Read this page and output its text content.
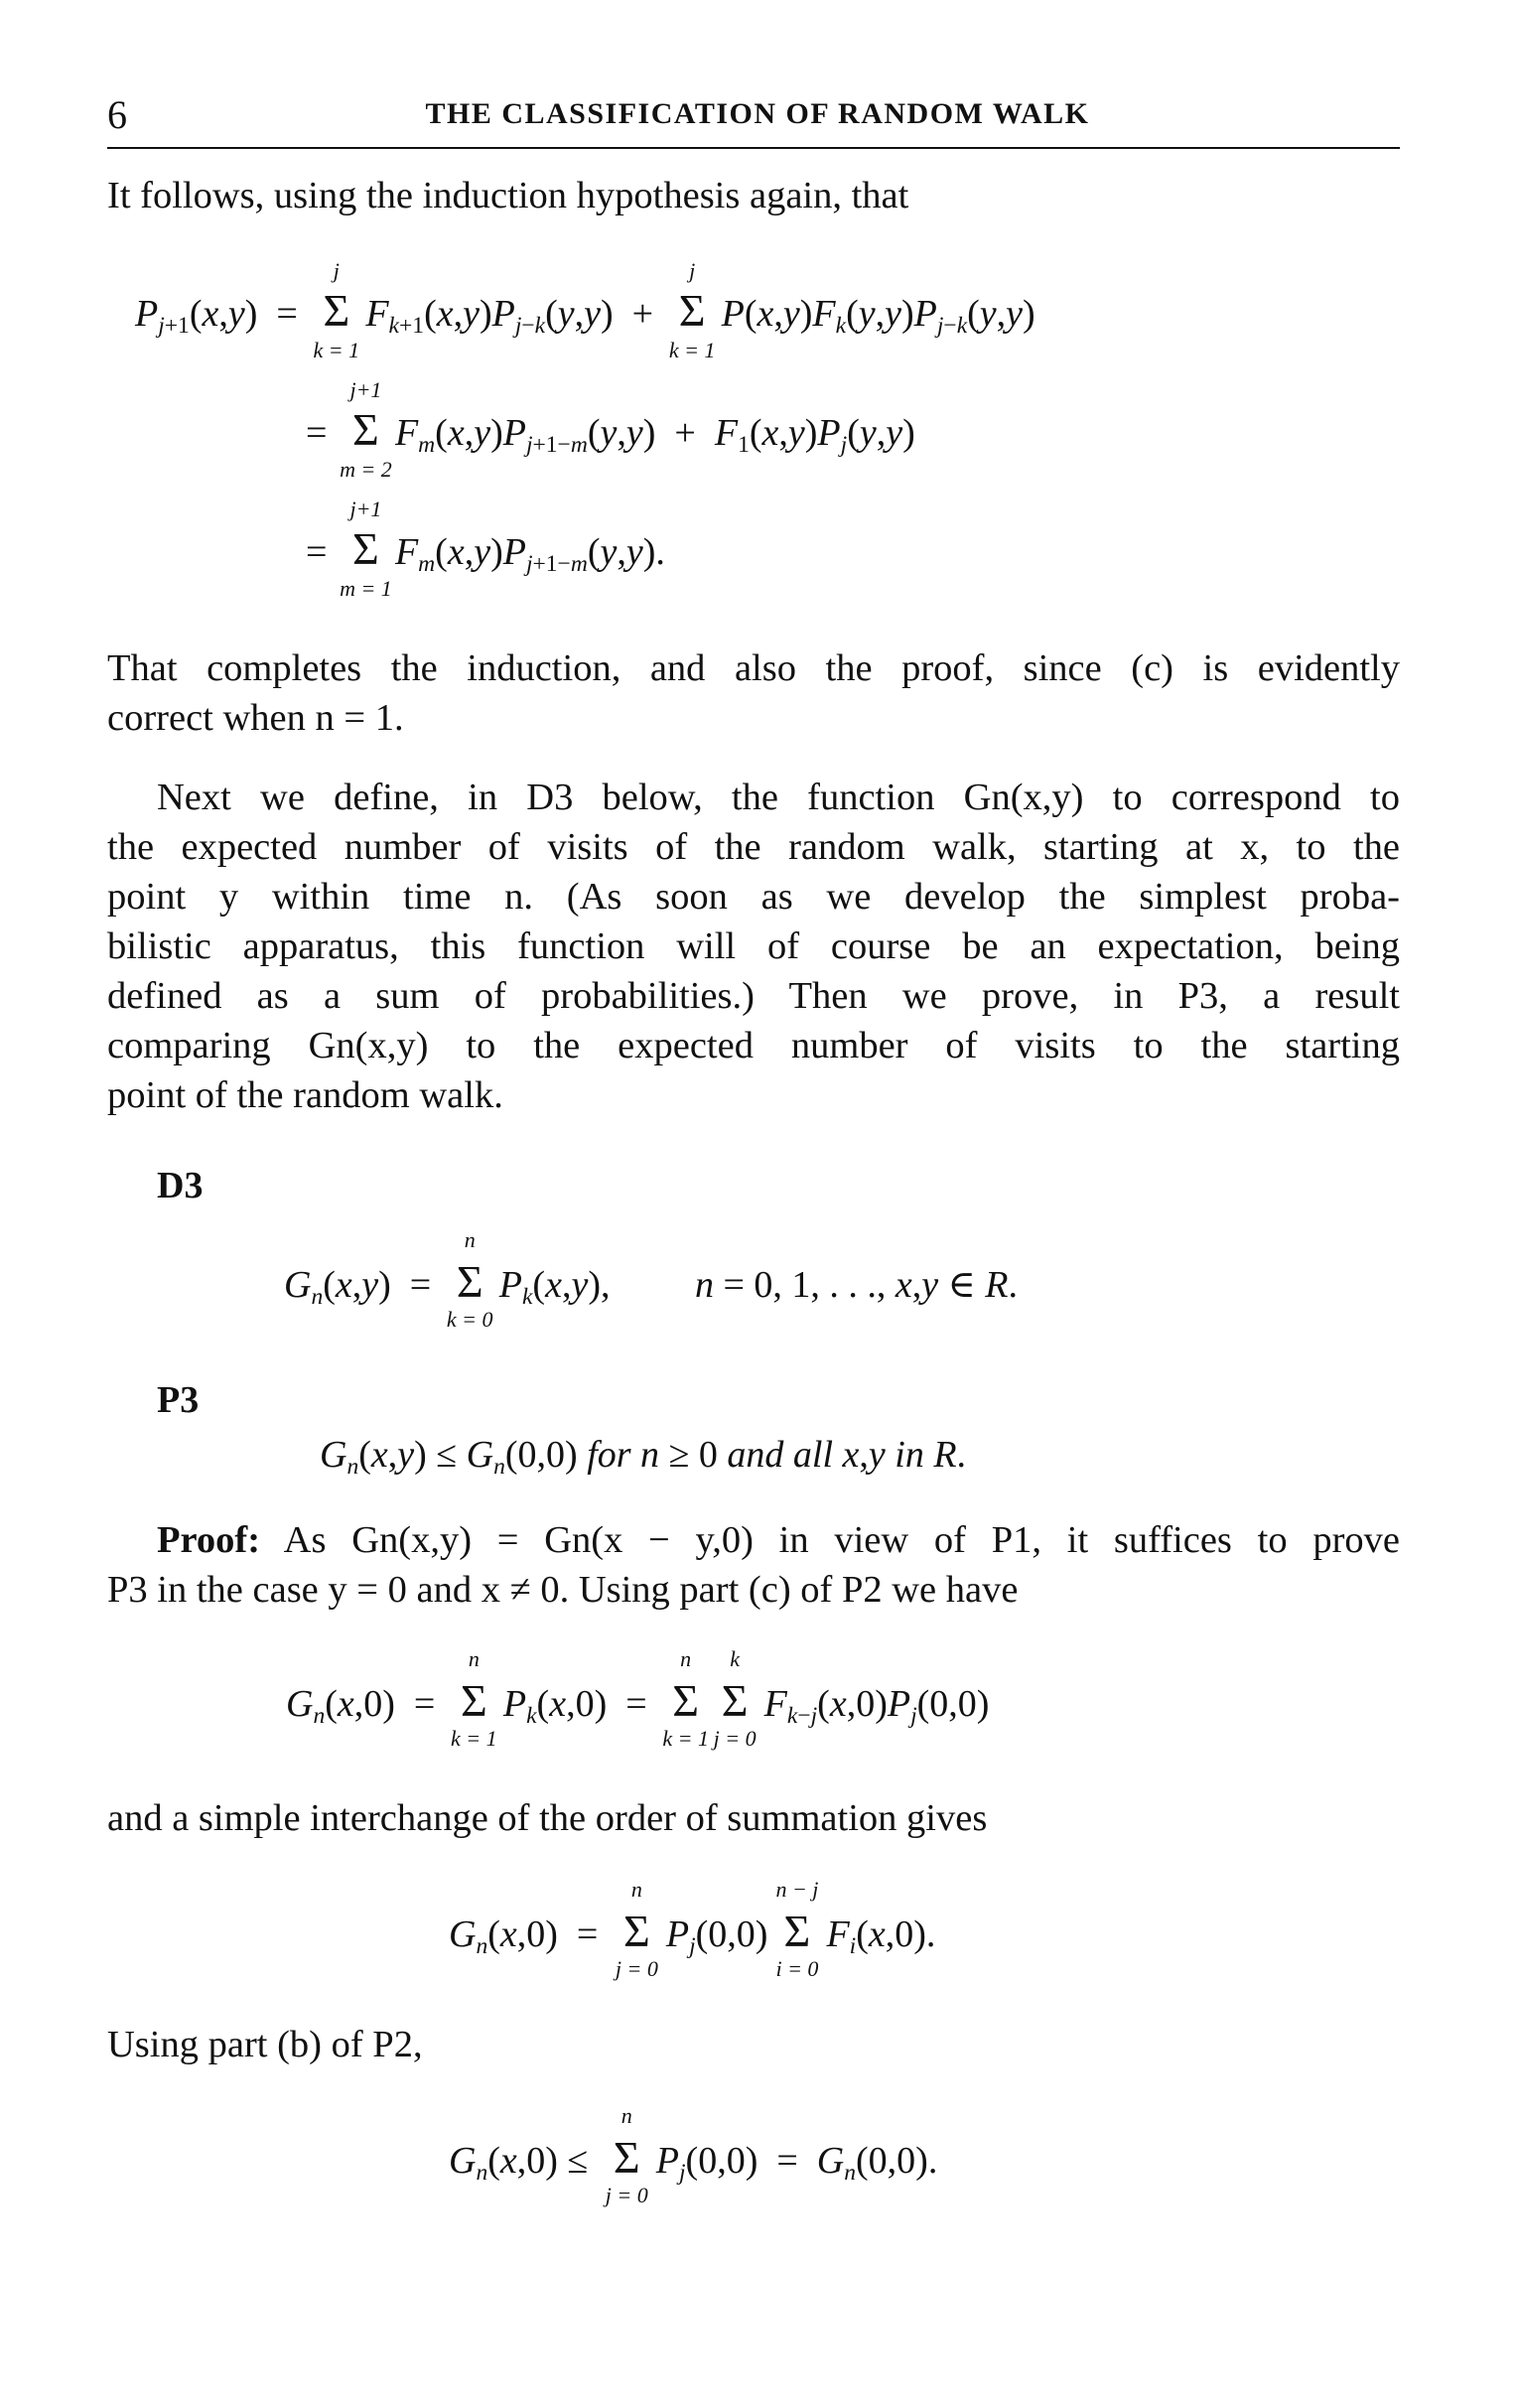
6	THE CLASSIFICATION OF RANDOM WALK

It follows, using the induction hypothesis again, that

$P_{j+1}(x,y)$  =
j
Σ
k = 1
$F_{k+1}(x,y)P_{j-k}(y,y)$  +
j
Σ
k = 1
$P(x,y)F_k(y,y)P_{j-k}(y,y)$
=
j+1
Σ
m = 2
$F_m(x,y)P_{j+1-m}(y,y) + F_1(x,y)P_j(y,y)$
=
j+1
Σ
m = 1
$F_m(x,y)P_{j+1-m}(y,y)$.

That completes the induction, and also the proof, since (c) is evidently
correct when n = 1.

Next we define, in D3 below, the function Gn(x,y) to correspond to
the expected number of visits of the random walk, starting at x, to the
point y within time n. (As soon as we develop the simplest proba-
bilistic apparatus, this function will of course be an expectation, being
defined as a sum of probabilities.) Then we prove, in P3, a result
comparing Gn(x,y) to the expected number of visits to the starting
point of the random walk.

D3
$G_n(x,y)$  =
n
Σ
k = 0
$P_k(x,y)$,         n = 0, 1, . . ., x,y ∈ R.
P3
$G_n(x,y) \le G_n(0,0)$ for n ≥ 0 and all x,y in R.

Proof: As Gn(x,y) = Gn(x − y,0) in view of P1, it suffices to prove
P3 in the case y = 0 and x ≠ 0. Using part (c) of P2 we have

$G_n(x,0)$  =
n
Σ
k = 1
$P_k(x,0)$  =
n
Σ
k = 1

k
Σ
j = 0
$F_{k-j}(x,0)P_j(0,0)$

and a simple interchange of the order of summation gives

$G_n(x,0)$  =
n
Σ
j = 0
$P_j(0,0)$
n − j
Σ
i = 0
$F_i(x,0)$.

Using part (b) of P2,

$G_n(x,0)$ ≤
n
Σ
j = 0
$P_j(0,0) = G_n(0,0)$.
